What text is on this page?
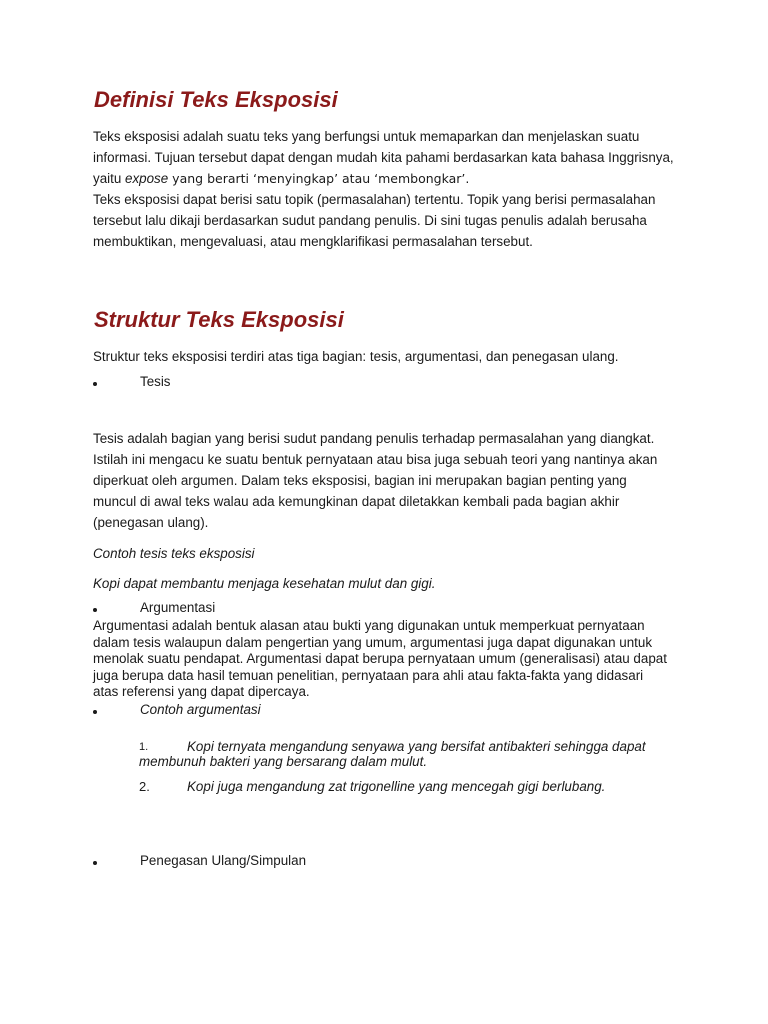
Definisi Teks Eksposisi

Teks eksposisi adalah suatu teks yang berfungsi untuk memaparkan dan menjelaskan suatu informasi. Tujuan tersebut dapat dengan mudah kita pahami berdasarkan kata bahasa Inggrisnya, yaitu expose yang berarti ‘menyingkap’ atau ‘membongkar’.

Teks eksposisi dapat berisi satu topik (permasalahan) tertentu. Topik yang berisi permasalahan tersebut lalu dikaji berdasarkan sudut pandang penulis. Di sini tugas penulis adalah berusaha membuktikan, mengevaluasi, atau mengklarifikasi permasalahan tersebut.

Struktur Teks Eksposisi

Struktur teks eksposisi terdiri atas tiga bagian: tesis, argumentasi, dan penegasan ulang.

Tesis

Tesis adalah bagian yang berisi sudut pandang penulis terhadap permasalahan yang diangkat. Istilah ini mengacu ke suatu bentuk pernyataan atau bisa juga sebuah teori yang nantinya akan diperkuat oleh argumen. Dalam teks eksposisi, bagian ini merupakan bagian penting yang muncul di awal teks walau ada kemungkinan dapat diletakkan kembali pada bagian akhir (penegasan ulang).

Contoh tesis teks eksposisi

Kopi dapat membantu menjaga kesehatan mulut dan gigi.

Argumentasi

Argumentasi adalah bentuk alasan atau bukti yang digunakan untuk memperkuat pernyataan dalam tesis walaupun dalam pengertian yang umum, argumentasi juga dapat digunakan untuk menolak suatu pendapat. Argumentasi dapat berupa pernyataan umum (generalisasi) atau dapat juga berupa data hasil temuan penelitian, pernyataan para ahli atau fakta-fakta yang didasari atas referensi yang dapat dipercaya.

Contoh argumentasi
1.	Kopi ternyata mengandung senyawa yang bersifat antibakteri sehingga dapat membunuh bakteri yang bersarang dalam mulut.
2.	Kopi juga mengandung zat trigonelline yang mencegah gigi berlubang.
Penegasan Ulang/Simpulan
